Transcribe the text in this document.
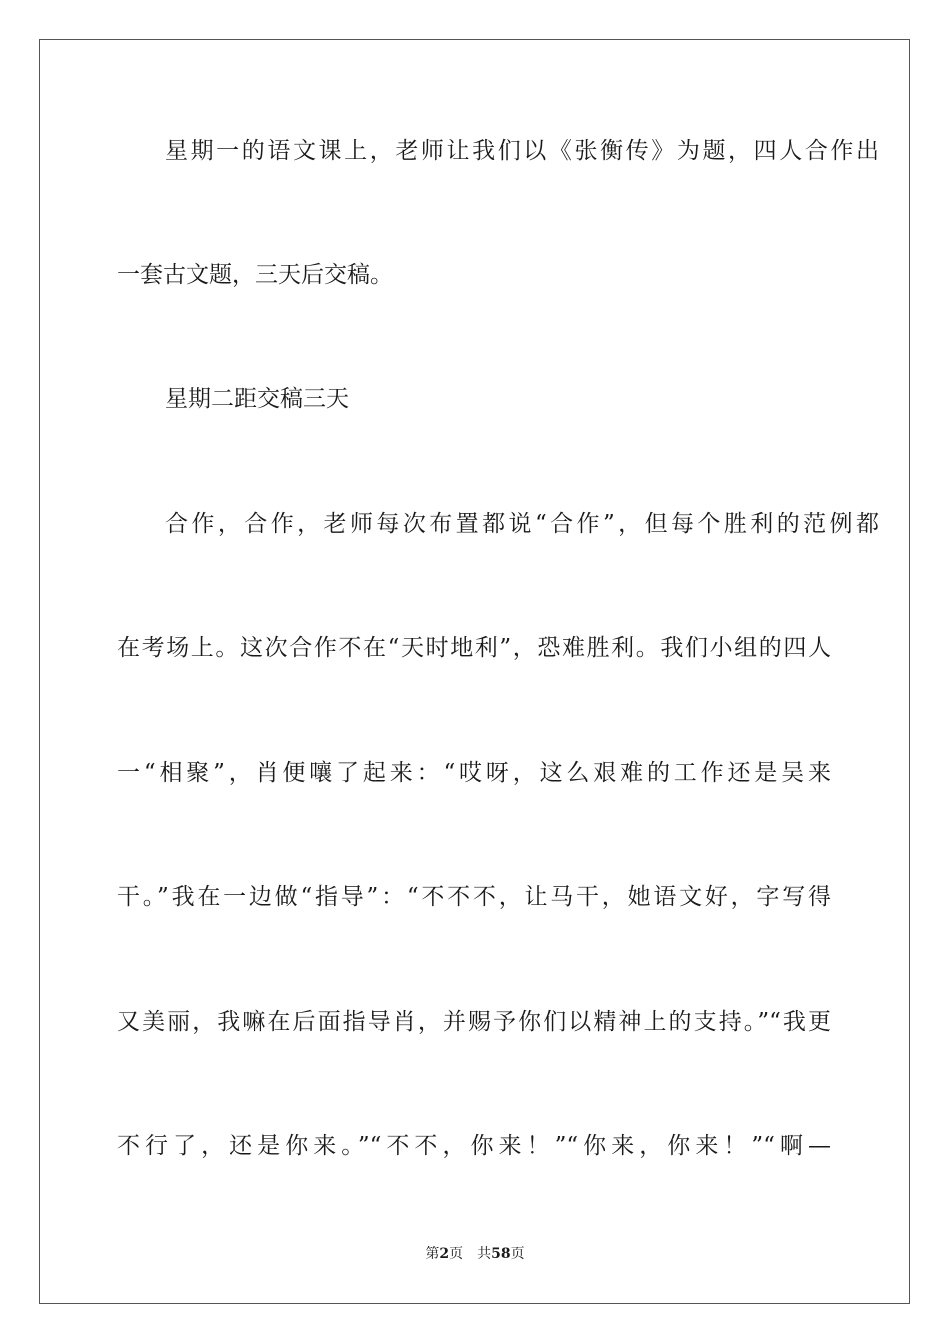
星期一的语文课上，老师让我们以《张衡传》为题，四人合作出
一套古文题，三天后交稿。
星期二距交稿三天
合作，合作，老师每次布置都说“合作”，但每个胜利的范例都
在考场上。这次合作不在“天时地利”，恐难胜利。我们小组的四人
一“相聚”，肖便嚷了起来：“哎呀，这么艰难的工作还是吴来
干。”我在一边做“指导”：“不不不，让马干，她语文好，字写得
又美丽，我嘛在后面指导肖，并赐予你们以精神上的支持。”“我更
不行了，还是你来。”“不不，你来！”“你来，你来！”“啊—
第2页 共58页
